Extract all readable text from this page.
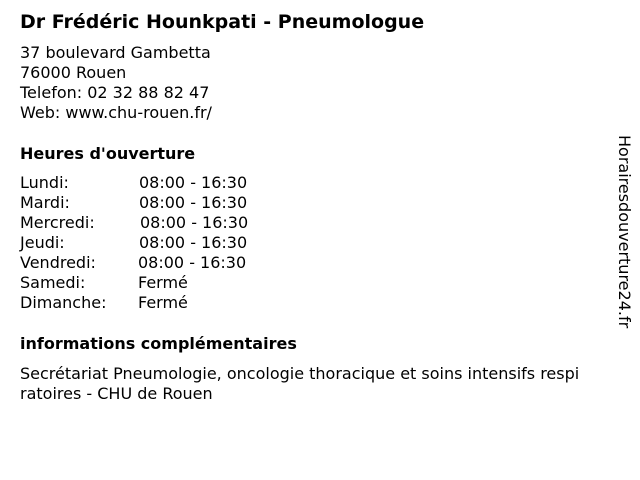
Dr Frédéric Hounkpati - Pneumologue
37 boulevard Gambetta
76000 Rouen
Telefon: 02 32 88 82 47
Web: www.chu-rouen.fr/
Heures d'ouverture
Lundi:	08:00 - 16:30
Mardi:	08:00 - 16:30
Mercredi:	08:00 - 16:30
Jeudi:	08:00 - 16:30
Vendredi:	08:00 - 16:30
Samedi:	Fermé
Dimanche: Fermé
informations complémentaires
Secrétariat Pneumologie, oncologie thoracique et soins intensifs respi
ratoires - CHU de Rouen
Horairesdouverture24.fr
